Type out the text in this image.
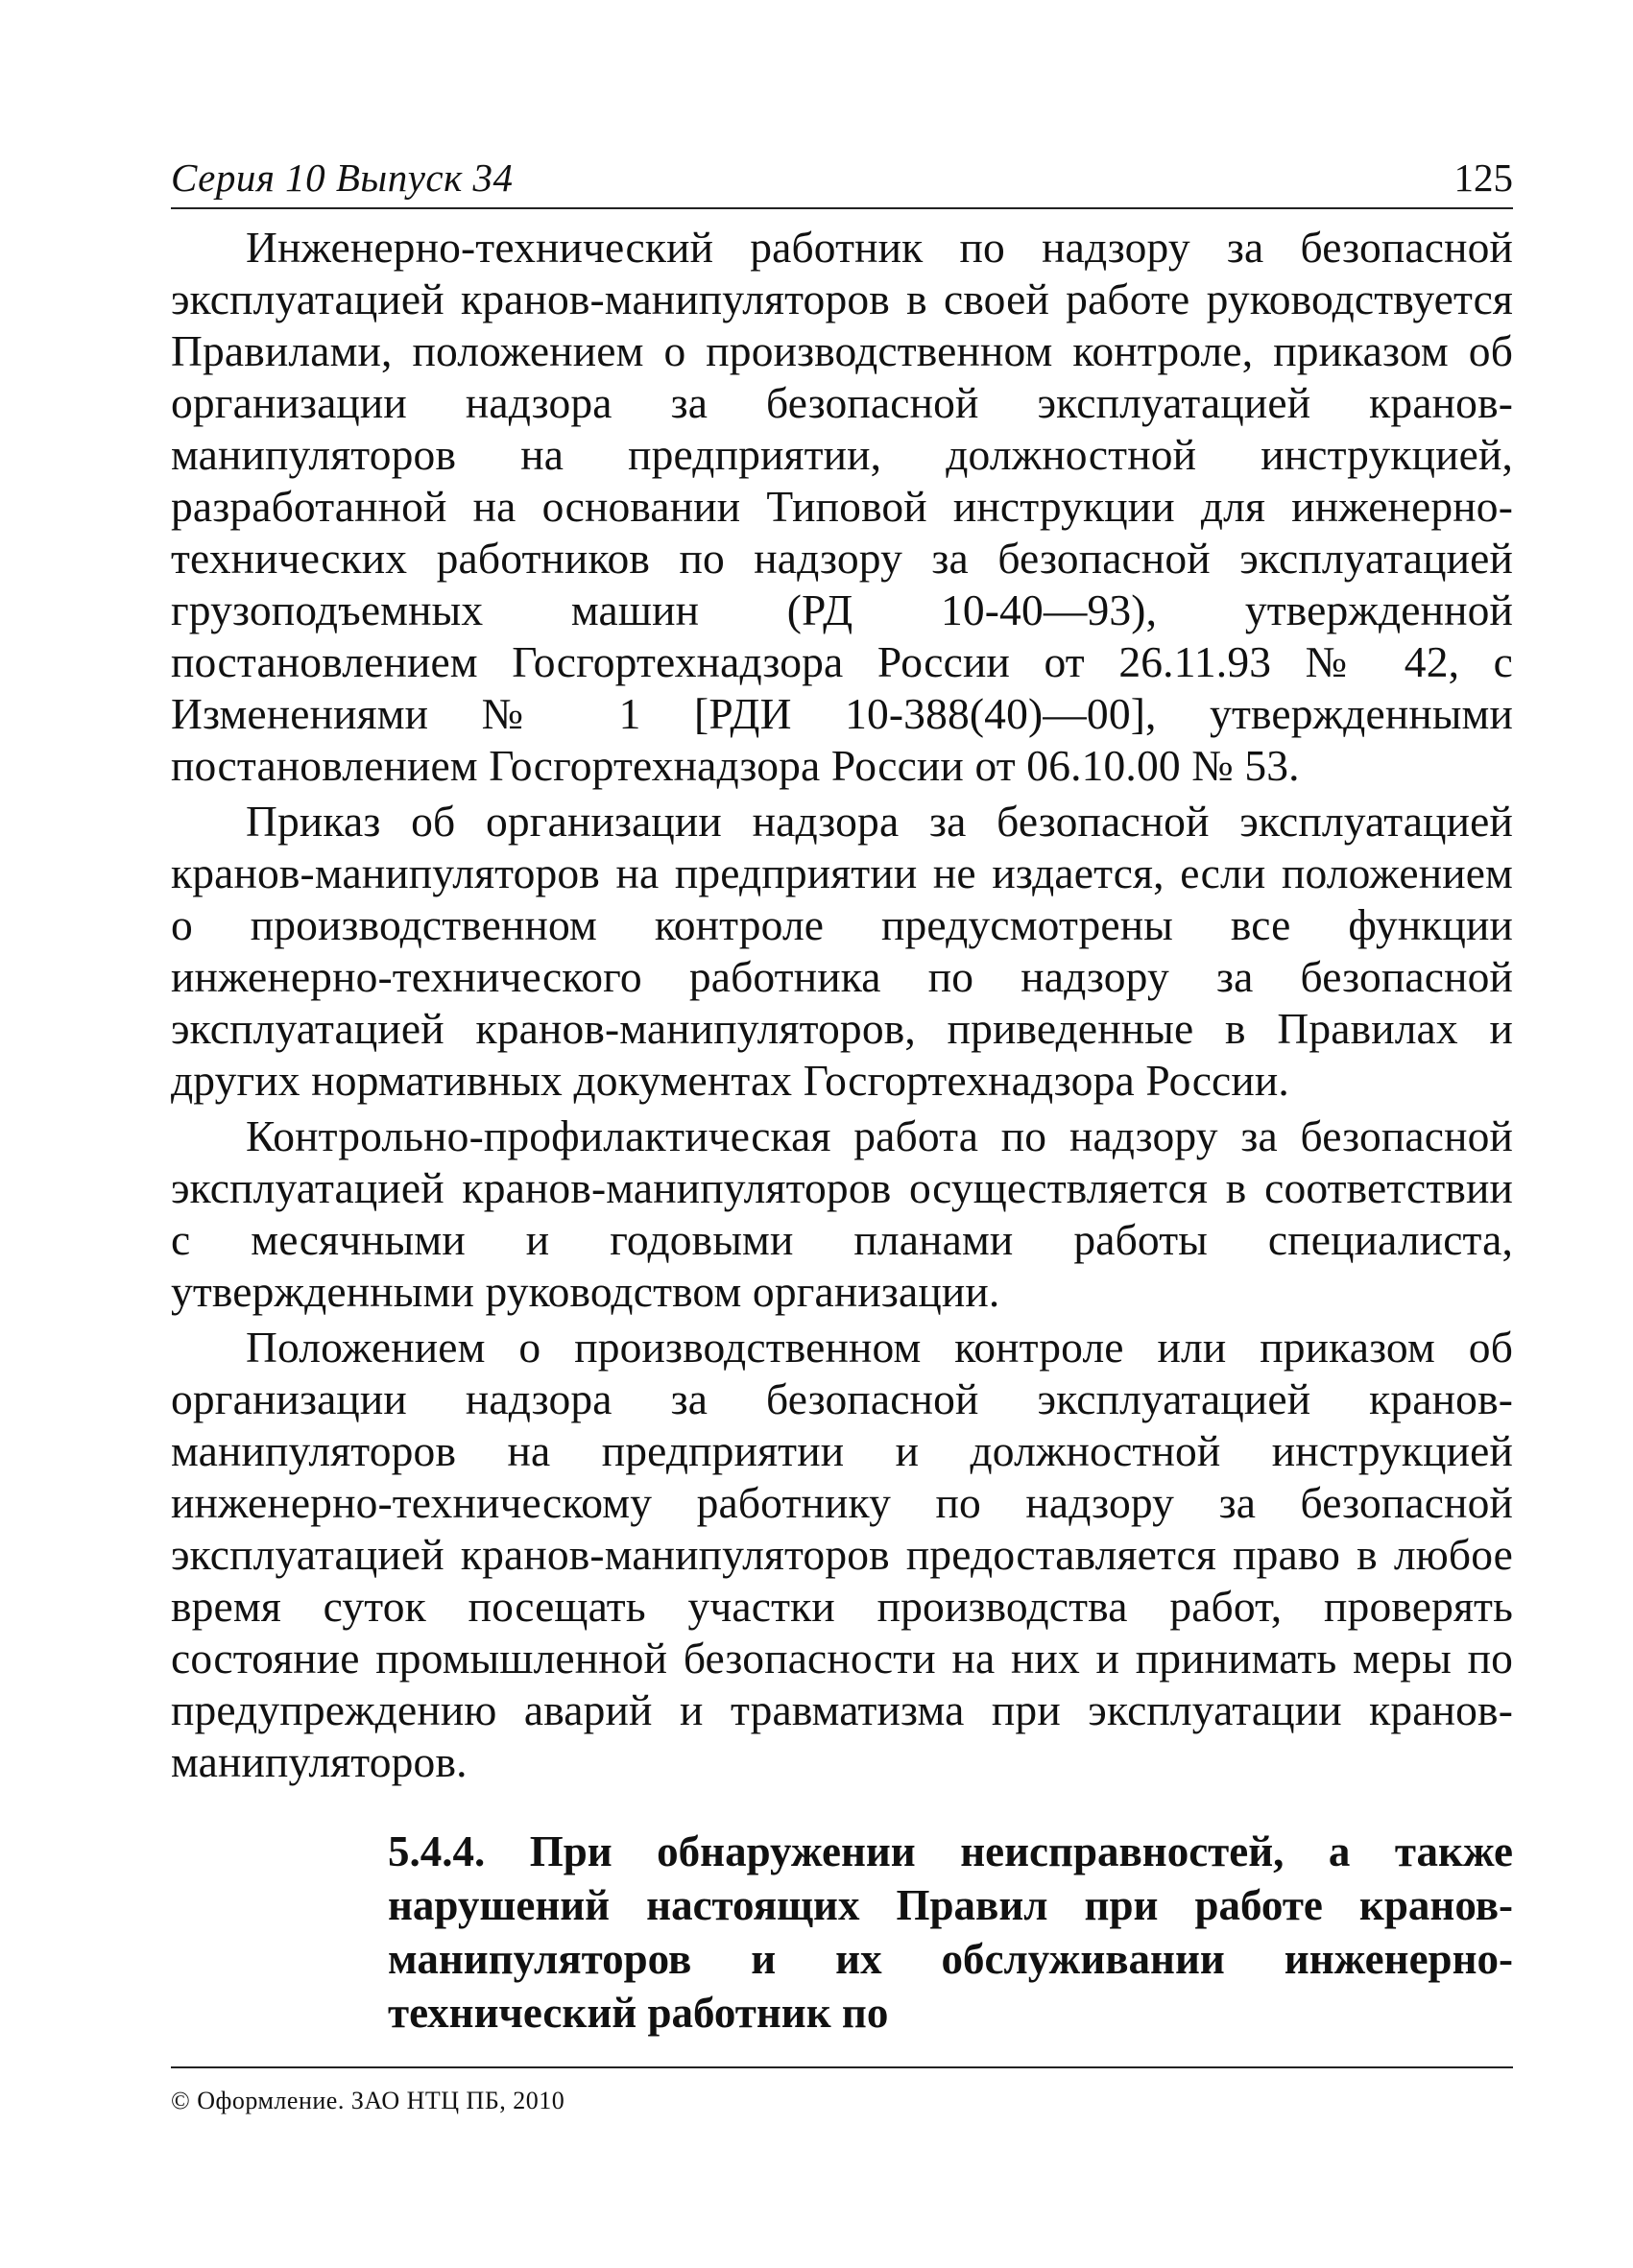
Серия 10 Выпуск 34	125

Инженерно-технический работник по надзору за безопасной эксплуатацией кранов-манипуляторов в своей работе руководствуется Правилами, положением о производственном контроле, приказом об организации надзора за безопасной эксплуатацией кранов-манипуляторов на предприятии, должностной инструкцией, разработанной на основании Типовой инструкции для инженерно-технических работников по надзору за безопасной эксплуатацией грузоподъемных машин (РД 10-40—93), утвержденной постановлением Госгортехнадзора России от 26.11.93 № 42, с Изменениями № 1 [РДИ 10-388(40)—00], утвержденными постановлением Госгортехнадзора России от 06.10.00 № 53.

Приказ об организации надзора за безопасной эксплуатацией кранов-манипуляторов на предприятии не издается, если положением о производственном контроле предусмотрены все функции инженерно-технического работника по надзору за безопасной эксплуатацией кранов-манипуляторов, приведенные в Правилах и других нормативных документах Госгортехнадзора России.

Контрольно-профилактическая работа по надзору за безопасной эксплуатацией кранов-манипуляторов осуществляется в соответствии с месячными и годовыми планами работы специалиста, утвержденными руководством организации.

Положением о производственном контроле или приказом об организации надзора за безопасной эксплуатацией кранов-манипуляторов на предприятии и должностной инструкцией инженерно-техническому работнику по надзору за безопасной эксплуатацией кранов-манипуляторов предоставляется право в любое время суток посещать участки производства работ, проверять состояние промышленной безопасности на них и принимать меры по предупреждению аварий и травматизма при эксплуатации кранов-манипуляторов.

5.4.4. При обнаружении неисправностей, а также нарушений настоящих Правил при работе кранов-манипуляторов и их обслуживании инженерно-технический работник по

© Оформление. ЗАО НТЦ ПБ, 2010
